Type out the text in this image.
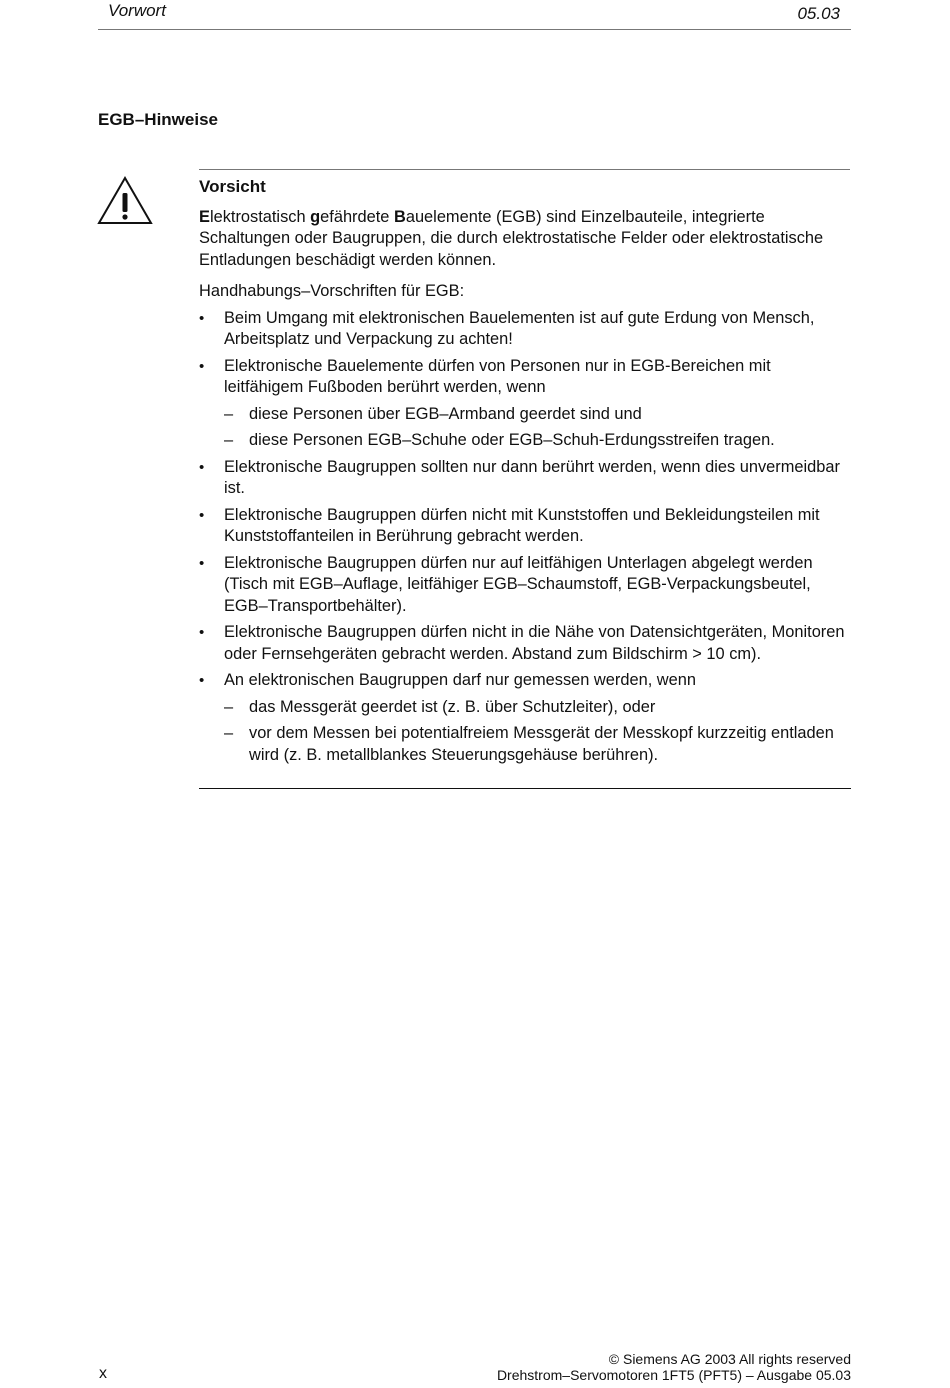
Vorwort	05.03
EGB–Hinweise
Vorsicht

Elektrostatisch gefährdete Bauelemente (EGB) sind Einzelbauteile, integrierte Schaltungen oder Baugruppen, die durch elektrostatische Felder oder elektrostatische Entladungen beschädigt werden können.

Handhabungs–Vorschriften für EGB:

• Beim Umgang mit elektronischen Bauelementen ist auf gute Erdung von Mensch, Arbeitsplatz und Verpackung zu achten!
• Elektronische Bauelemente dürfen von Personen nur in EGB-Bereichen mit leitfähigem Fußboden berührt werden, wenn
– diese Personen über EGB–Armband geerdet sind und
– diese Personen EGB–Schuhe oder EGB–Schuh-Erdungsstreifen tragen.
• Elektronische Baugruppen sollten nur dann berührt werden, wenn dies unvermeidbar ist.
• Elektronische Baugruppen dürfen nicht mit Kunststoffen und Bekleidungsteilen mit Kunststoffanteilen in Berührung gebracht werden.
• Elektronische Baugruppen dürfen nur auf leitfähigen Unterlagen abgelegt werden (Tisch mit EGB–Auflage, leitfähiger EGB–Schaumstoff, EGB-Verpackungsbeutel, EGB–Transportbehälter).
• Elektronische Baugruppen dürfen nicht in die Nähe von Datensichtgeräten, Monitoren oder Fernsehgeräten gebracht werden. Abstand zum Bildschirm > 10 cm).
• An elektronischen Baugruppen darf nur gemessen werden, wenn
– das Messgerät geerdet ist (z. B. über Schutzleiter), oder
– vor dem Messen bei potentialfreiem Messgerät der Messkopf kurzzeitig entladen wird (z. B. metallblankes Steuerungsgehäuse berühren).
© Siemens AG 2003 All rights reserved
Drehstrom–Servomotoren 1FT5 (PFT5) – Ausgabe 05.03
x
